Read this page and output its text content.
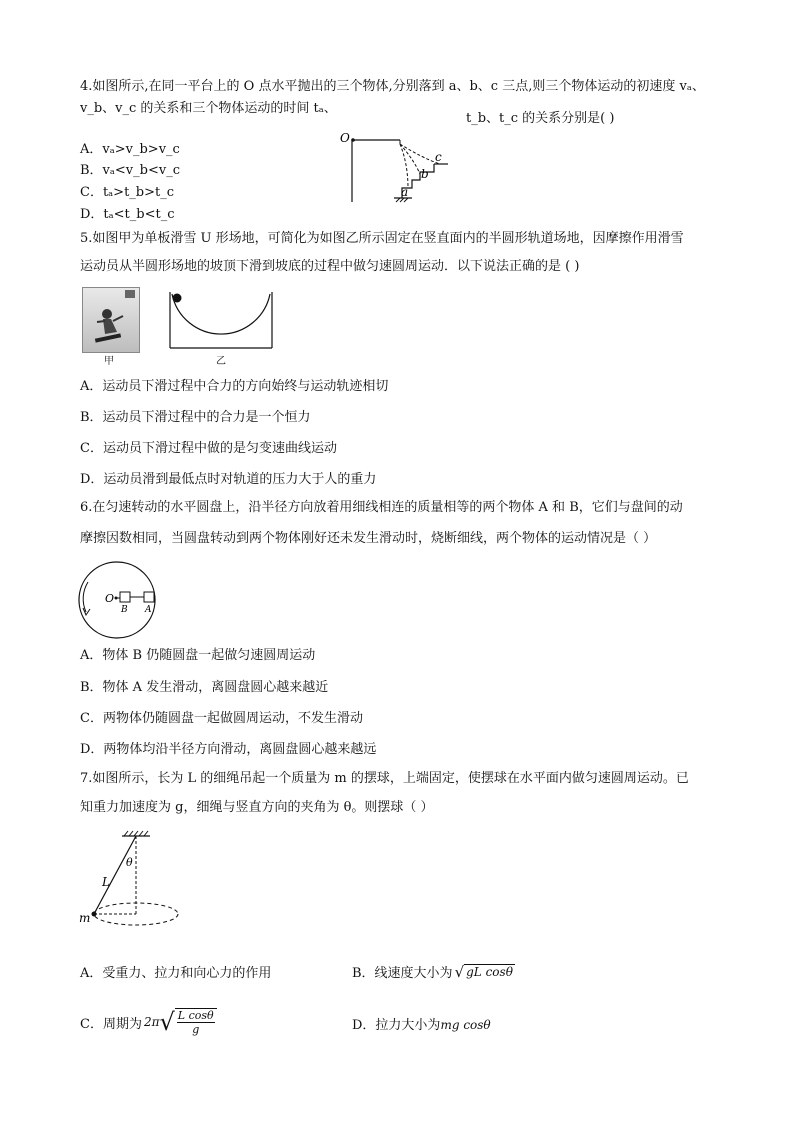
4.如图所示,在同一平台上的 O 点水平抛出的三个物体,分别落到 a、b、c 三点,则三个物体运动的初速度 vₐ、
v_b、v_c 的关系和三个物体运动的时间 tₐ、
t_b、t_c 的关系分别是( )
A．vₐ>v_b>v_c
B．vₐ<v_b<v_c
C．tₐ>t_b>t_c
D．tₐ<t_b<t_c
O
c
b
a
5.如图甲为单板滑雪 U 形场地，可简化为如图乙所示固定在竖直面内的半圆形轨道场地，因摩擦作用滑雪
运动员从半圆形场地的坡顶下滑到坡底的过程中做匀速圆周运动．以下说法正确的是 ( )
甲	乙
A．运动员下滑过程中合力的方向始终与运动轨迹相切
B．运动员下滑过程中的合力是一个恒力
C．运动员下滑过程中做的是匀变速曲线运动
D．运动员滑到最低点时对轨道的压力大于人的重力
6.在匀速转动的水平圆盘上，沿半径方向放着用细线相连的质量相等的两个物体 A 和 B，它们与盘间的动
摩擦因数相同，当圆盘转动到两个物体刚好还未发生滑动时，烧断细线，两个物体的运动情况是（ ）
O
B A
A．物体 B 仍随圆盘一起做匀速圆周运动
B．物体 A 发生滑动，离圆盘圆心越来越近
C．两物体仍随圆盘一起做圆周运动，不发生滑动
D．两物体均沿半径方向滑动，离圆盘圆心越来越远
7.如图所示，长为 L 的细绳吊起一个质量为 m 的摆球，上端固定，使摆球在水平面内做匀速圆周运动。已
知重力加速度为 g，细绳与竖直方向的夹角为 θ。则摆球（ ）
θ
L
m
A．受重力、拉力和向心力的作用	B．线速度大小为 √ gL cosθ
C．周期为 2π √ $\frac{\text{L cosθ}}{g}$	D．拉力大小为mg cosθ
